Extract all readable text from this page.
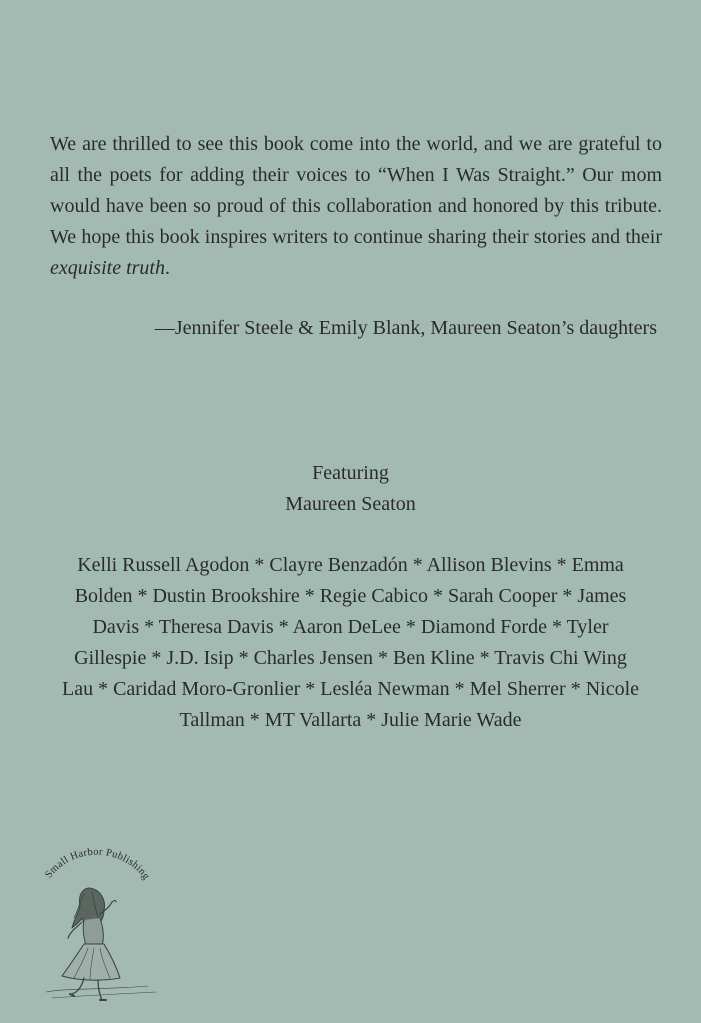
We are thrilled to see this book come into the world, and we are grateful to all the poets for adding their voices to “When I Was Straight.” Our mom would have been so proud of this collaboration and honored by this tribute. We hope this book inspires writers to continue sharing their stories and their exquisite truth.

—Jennifer Steele & Emily Blank, Maureen Seaton’s daughters

Featuring
Maureen Seaton

Kelli Russell Agodon * Clayre Benzadón * Allison Blevins * Emma Bolden * Dustin Brookshire * Regie Cabico * Sarah Cooper * James Davis * Theresa Davis * Aaron DeLee * Diamond Forde * Tyler Gillespie * J.D. Isip * Charles Jensen * Ben Kline * Travis Chi Wing Lau * Caridad Moro-Gronlier * Lesléa Newman * Mel Sherrer * Nicole Tallman * MT Vallarta * Julie Marie Wade

Small Harbor Publishing
